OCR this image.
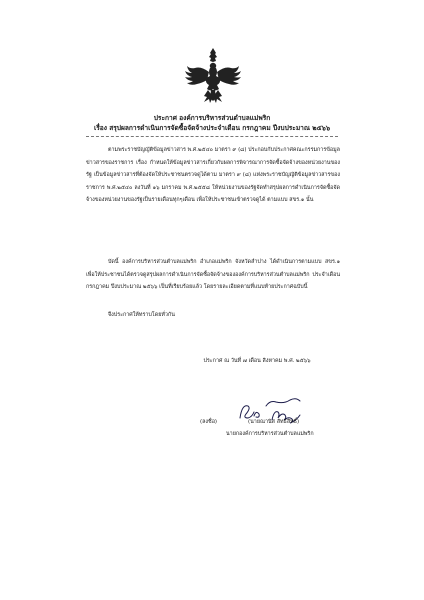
ประกาศ องค์การบริหารส่วนตำบลแม่พริก
เรื่อง สรุปผลการดำเนินการจัดซื้อจัดจ้างประจำเดือน กรกฎาคม ปีงบประมาณ ๒๕๖๖
ตามพระราชบัญญัติข้อมูลข่าวสาร พ.ศ.๒๕๔๐ มาตรา ๙ (๘) ประกอบกับประกาศคณะกรรมการข้อมูลข่าวสารของราชการ เรื่อง กำหนดให้ข้อมูลข่าวสารเกี่ยวกับผลการพิจารณาการจัดซื้อจัดจ้างของหน่วยงานของรัฐ เป็นข้อมูลข่าวสารที่ต้องจัดให้ประชาชนตรวจดูได้ตาม มาตรา ๙ (๘) แห่งพระราชบัญญัติข้อมูลข่าวสารของราชการ พ.ศ.๒๕๔๐ ลงวันที่ ๑๖ มกราคม พ.ศ.๒๕๕๘ ให้หน่วยงานของรัฐจัดทำสรุปผลการดำเนินการจัดซื้อจัดจ้างของหน่วยงานของรัฐเป็นรายเดือนทุกๆเดือน เพื่อให้ประชาชนเข้าตรวจดูได้ ตามแบบ สขร.๑ นั้น
บัดนี้ องค์การบริหารส่วนตำบลแม่พริก อำเภอแม่พริก จังหวัดลำปาง ได้ดำเนินการตามแบบ สขร.๑ เพื่อให้ประชาชนได้ตรวจดูสรุปผลการดำเนินการจัดซื้อจัดจ้างขององค์การบริหารส่วนตำบลแม่พริก ประจำเดือน กรกฎาคม ปีงบประมาณ ๒๕๖๖ เป็นที่เรียบร้อยแล้ว โดยรายละเอียดตามที่แนบท้ายประกาศฉบับนี้
จึงประกาศให้ทราบโดยทั่วกัน
ประกาศ ณ วันที่ ๗ เดือน สิงหาคม พ.ศ. ๒๕๖๖
(ลงชื่อ)	(นายณานิส สัทธิสิทธิ์)
นายกองค์การบริหารส่วนตำบลแม่พริก
